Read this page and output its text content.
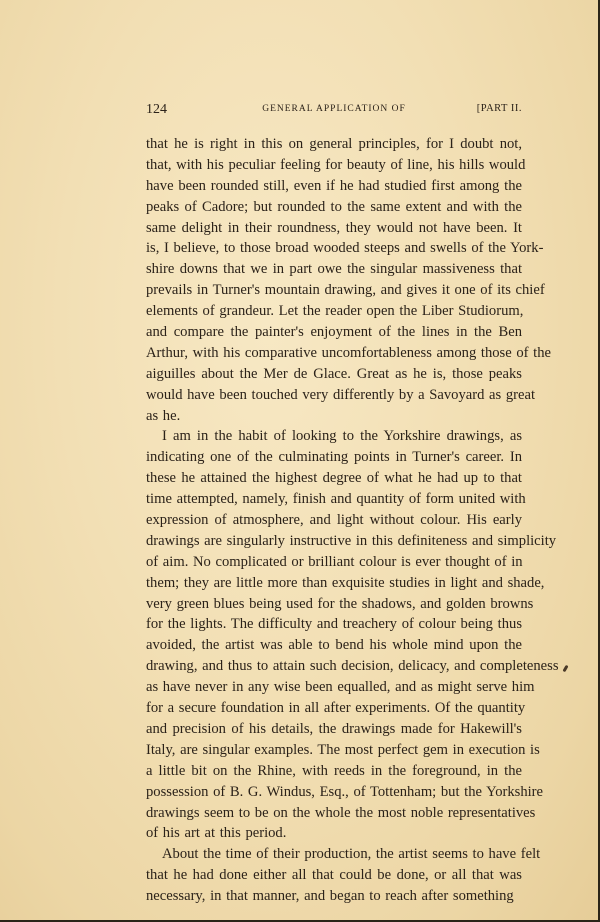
124	GENERAL APPLICATION OF	[PART II.
that he is right in this on general principles, for I doubt not,
that, with his peculiar feeling for beauty of line, his hills would
have been rounded still, even if he had studied first among the
peaks of Cadore; but rounded to the same extent and with the
same delight in their roundness, they would not have been. It
is, I believe, to those broad wooded steeps and swells of the York-
shire downs that we in part owe the singular massiveness that
prevails in Turner's mountain drawing, and gives it one of its chief
elements of grandeur. Let the reader open the Liber Studiorum,
and compare the painter's enjoyment of the lines in the Ben
Arthur, with his comparative uncomfortableness among those of the
aiguilles about the Mer de Glace. Great as he is, those peaks
would have been touched very differently by a Savoyard as great
as he.
I am in the habit of looking to the Yorkshire drawings, as
indicating one of the culminating points in Turner's career. In
these he attained the highest degree of what he had up to that
time attempted, namely, finish and quantity of form united with
expression of atmosphere, and light without colour. His early
drawings are singularly instructive in this definiteness and simplicity
of aim. No complicated or brilliant colour is ever thought of in
them; they are little more than exquisite studies in light and shade,
very green blues being used for the shadows, and golden browns
for the lights. The difficulty and treachery of colour being thus
avoided, the artist was able to bend his whole mind upon the
drawing, and thus to attain such decision, delicacy, and completeness
as have never in any wise been equalled, and as might serve him
for a secure foundation in all after experiments. Of the quantity
and precision of his details, the drawings made for Hakewill's
Italy, are singular examples. The most perfect gem in execution is
a little bit on the Rhine, with reeds in the foreground, in the
possession of B. G. Windus, Esq., of Tottenham; but the Yorkshire
drawings seem to be on the whole the most noble representatives
of his art at this period.
About the time of their production, the artist seems to have felt
that he had done either all that could be done, or all that was
necessary, in that manner, and began to reach after something
